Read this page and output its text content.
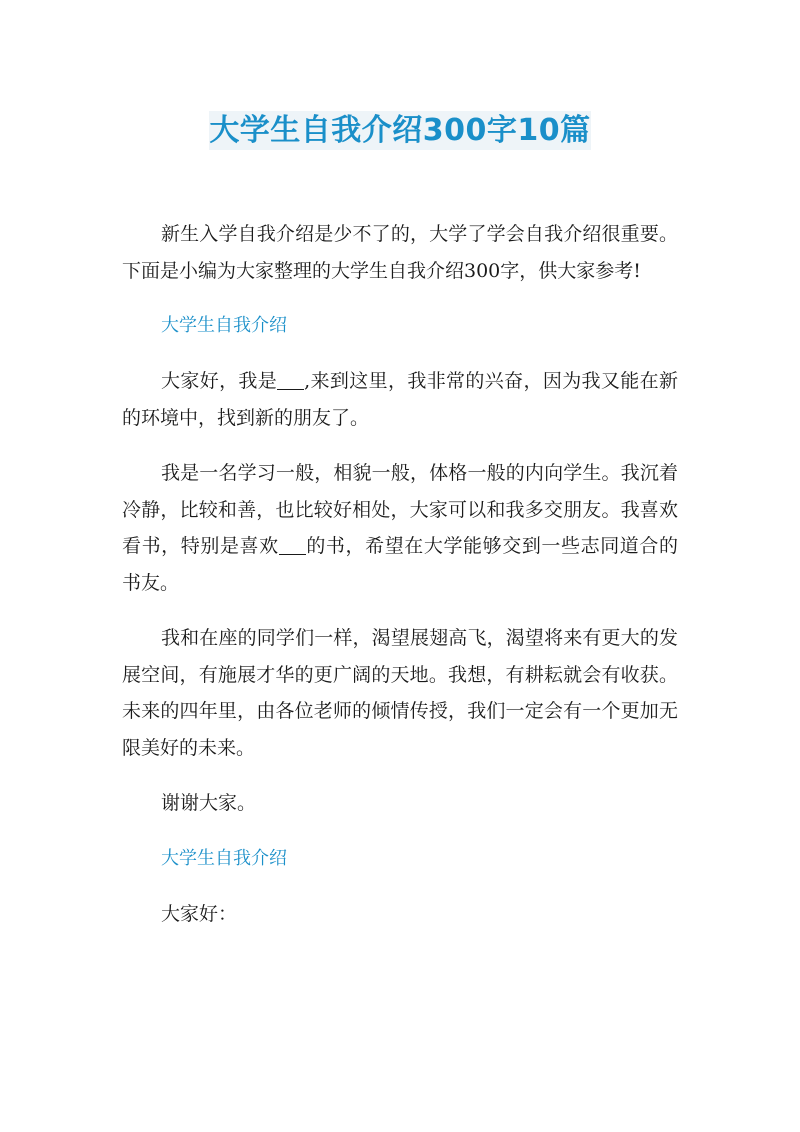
大学生自我介绍300字10篇

新生入学自我介绍是少不了的，大学了学会自我介绍很重要。下面是小编为大家整理的大学生自我介绍300字，供大家参考!

大学生自我介绍

大家好，我是 ,来到这里，我非常的兴奋，因为我又能在新的环境中，找到新的朋友了。

我是一名学习一般，相貌一般，体格一般的内向学生。我沉着冷静，比较和善，也比较好相处，大家可以和我多交朋友。我喜欢看书，特别是喜欢 的书，希望在大学能够交到一些志同道合的书友。

我和在座的同学们一样，渴望展翅高飞，渴望将来有更大的发展空间，有施展才华的更广阔的天地。我想，有耕耘就会有收获。未来的四年里，由各位老师的倾情传授，我们一定会有一个更加无限美好的未来。

谢谢大家。

大学生自我介绍

大家好：
